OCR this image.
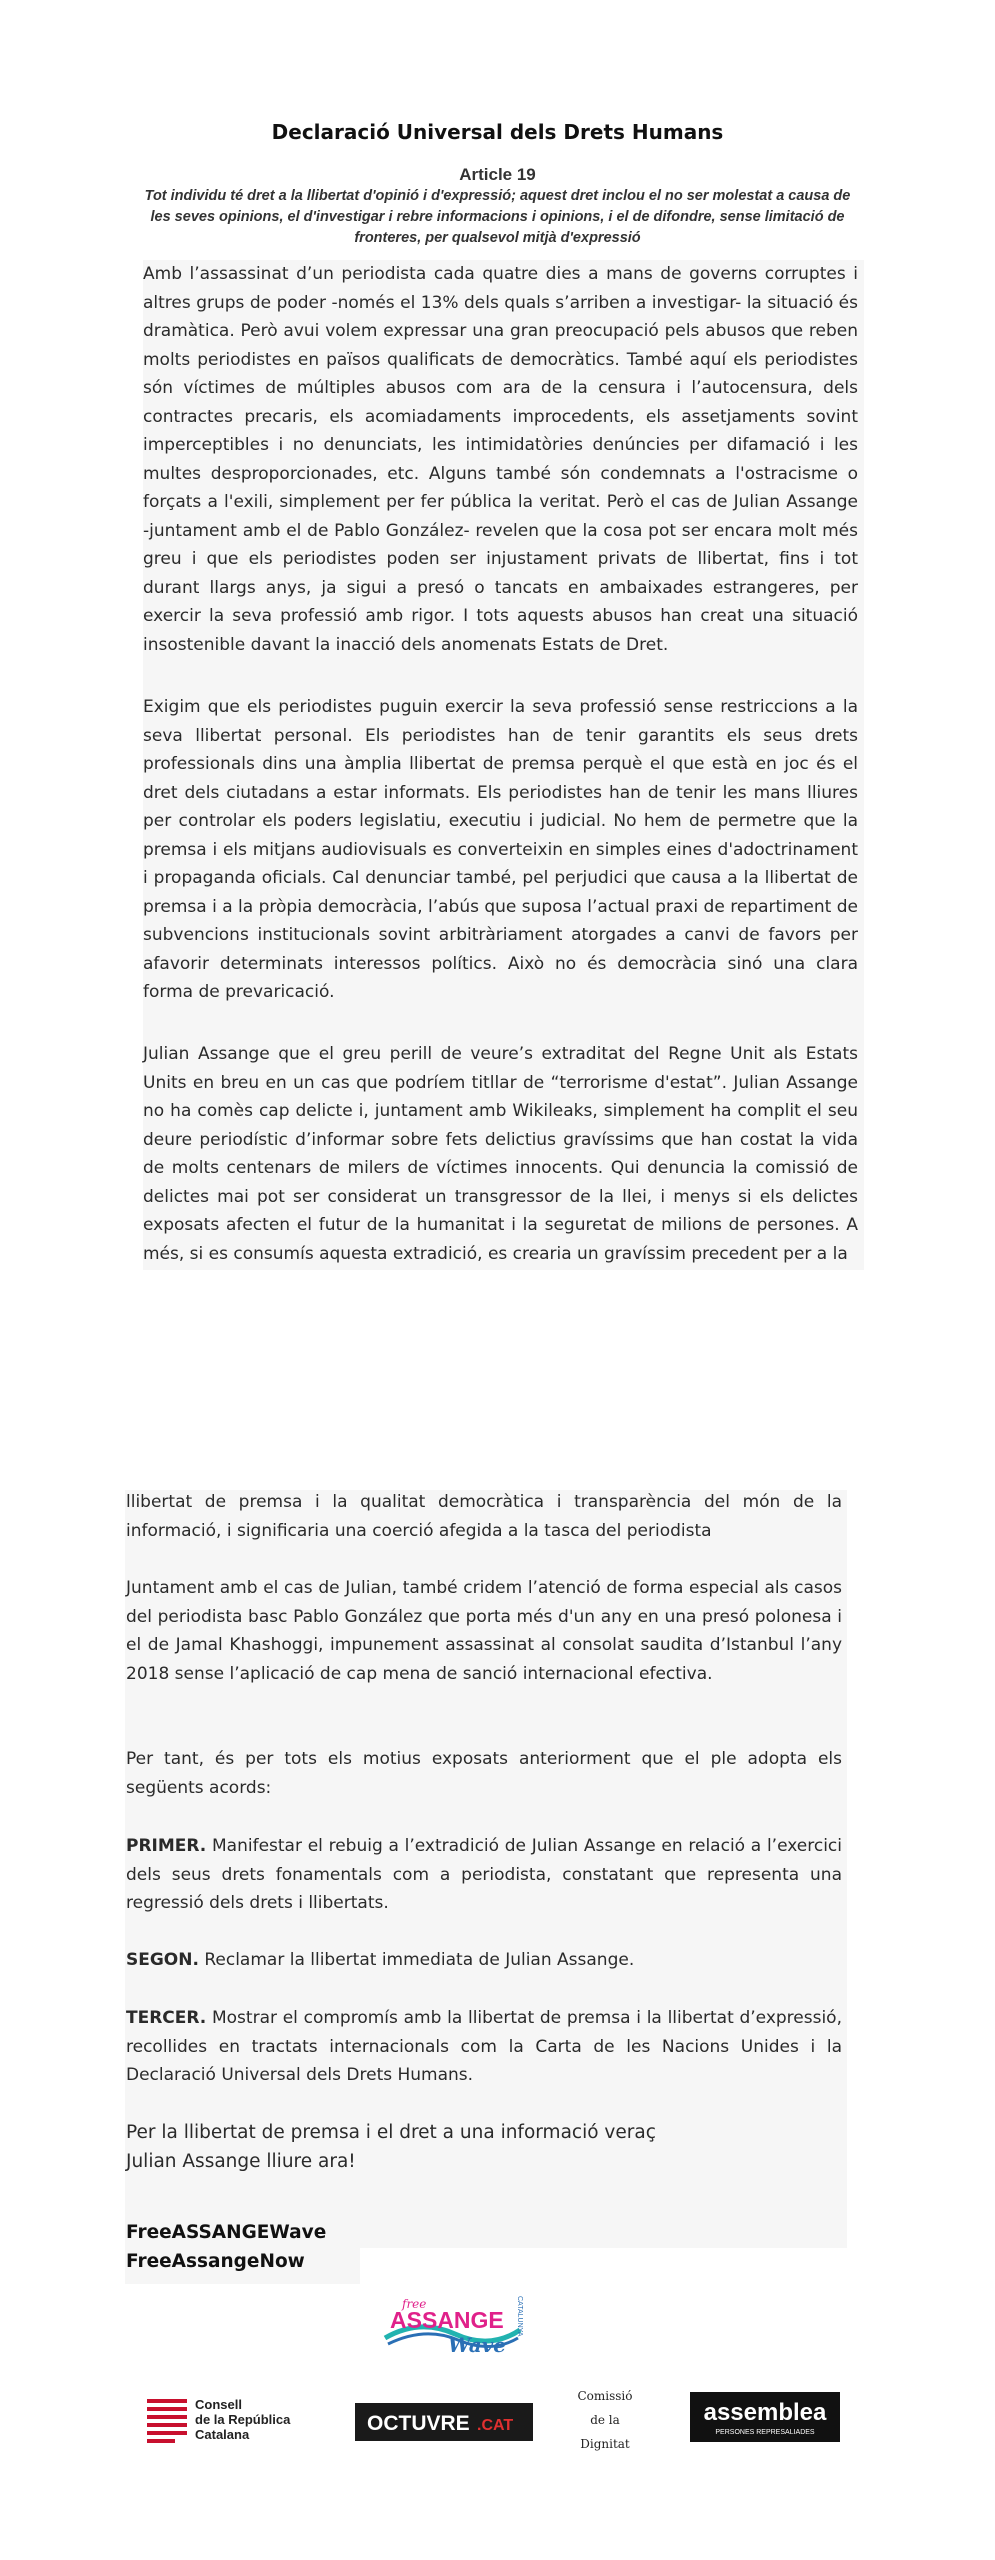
Declaració Universal dels Drets Humans
Article 19
Tot individu té dret a la llibertat d'opinió i d'expressió; aquest dret inclou el no ser molestat a causa de les seves opinions, el d'investigar i rebre informacions i opinions, i el de difondre, sense limitació de fronteres, per qualsevol mitjà d'expressió

Amb l’assassinat d’un periodista cada quatre dies a mans de governs corruptes i altres grups de poder -només el 13% dels quals s’arriben a investigar- la situació és dramàtica. Però avui volem expressar una gran preocupació pels abusos que reben molts periodistes en països qualificats de democràtics. També aquí els periodistes són víctimes de múltiples abusos com ara de la censura i l’autocensura, dels contractes precaris, els acomiadaments improcedents, els assetjaments sovint imperceptibles i no denunciats, les intimidatòries denúncies per difamació i les multes desproporcionades, etc. Alguns també són condemnats a l'ostracisme o forçats a l'exili, simplement per fer pública la veritat. Però el cas de Julian Assange -juntament amb el de Pablo González- revelen que la cosa pot ser encara molt més greu i que els periodistes poden ser injustament privats de llibertat, fins i tot durant llargs anys, ja sigui a presó o tancats en ambaixades estrangeres, per exercir la seva professió amb rigor. I tots aquests abusos han creat una situació insostenible davant la inacció dels anomenats Estats de Dret.

Exigim que els periodistes puguin exercir la seva professió sense restriccions a la seva llibertat personal. Els periodistes han de tenir garantits els seus drets professionals dins una àmplia llibertat de premsa perquè el que està en joc és el dret dels ciutadans a estar informats. Els periodistes han de tenir les mans lliures per controlar els poders legislatiu, executiu i judicial. No hem de permetre que la premsa i els mitjans audiovisuals es converteixin en simples eines d'adoctrinament i propaganda oficials. Cal denunciar també, pel perjudici que causa a la llibertat de premsa i a la pròpia democràcia, l’abús que suposa l’actual praxi de repartiment de subvencions institucionals sovint arbitràriament atorgades a canvi de favors per afavorir determinats interessos polítics. Això no és democràcia sinó una clara forma de prevaricació.

Julian Assange que el greu perill de veure’s extraditat del Regne Unit als Estats Units en breu en un cas que podríem titllar de “terrorisme d'estat”. Julian Assange no ha comès cap delicte i, juntament amb Wikileaks, simplement ha complit el seu deure periodístic d’informar sobre fets delictius gravíssims que han costat la vida de molts centenars de milers de víctimes innocents. Qui denuncia la comissió de delictes mai pot ser considerat un transgressor de la llei, i menys si els delictes exposats afecten el futur de la humanitat i la seguretat de milions de persones. A més, si es consumís aquesta extradició, es crearia un gravíssim precedent per a la

llibertat de premsa i la qualitat democràtica i transparència del món de la informació, i significaria una coerció afegida a la tasca del periodista

Juntament amb el cas de Julian, també cridem l’atenció de forma especial als casos del periodista basc Pablo González que porta més d'un any en una presó polonesa i el de Jamal Khashoggi, impunement assassinat al consolat saudita d’Istanbul l’any 2018 sense l’aplicació de cap mena de sanció internacional efectiva.

Per tant, és per tots els motius exposats anteriorment que el ple adopta els següents acords:

PRIMER. Manifestar el rebuig a l’extradició de Julian Assange en relació a l’exercici dels seus drets fonamentals com a periodista, constatant que representa una regressió dels drets i llibertats.

SEGON. Reclamar la llibertat immediata de Julian Assange.

TERCER. Mostrar el compromís amb la llibertat de premsa i la llibertat d’expressió, recollides en tractats internacionals com la Carta de les Nacions Unides i la Declaració Universal dels Drets Humans.

Per la llibertat de premsa i el dret a una informació veraç
Julian Assange lliure ara!
FreeASSANGEWave
FreeAssangeNow
free
ASSANGE
Wave
CATALUNYA
Consell
de la República
Catalana	OCTUVRE .CAT
Comissió
de la
Dignitat
assemblea
PERSONES REPRESALIADES
